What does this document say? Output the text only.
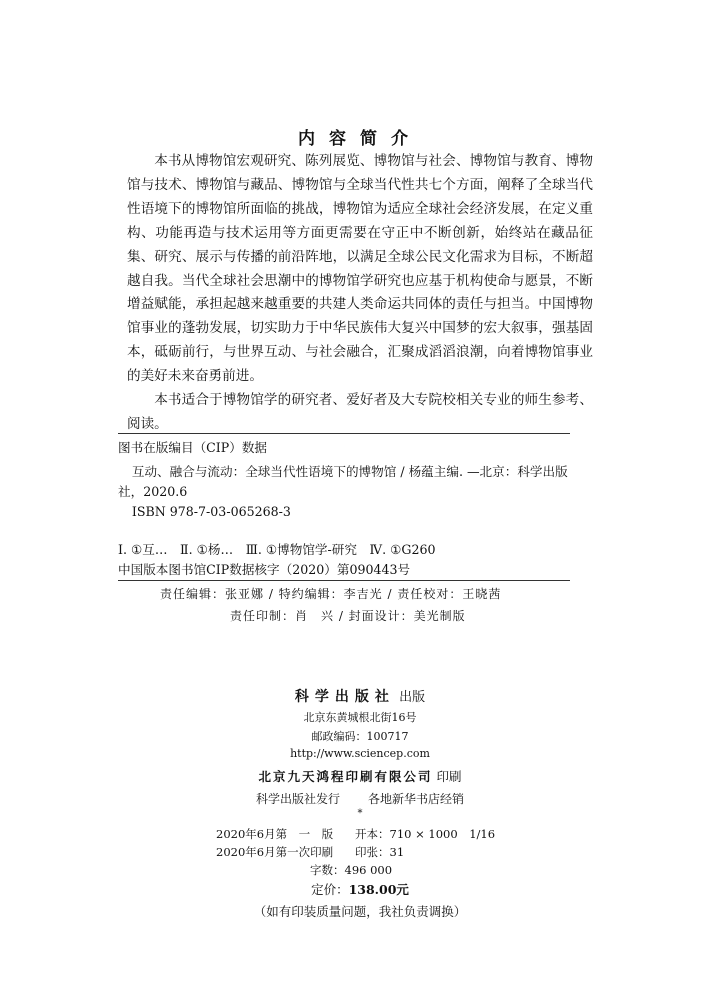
内容简介

本书从博物馆宏观研究、陈列展览、博物馆与社会、博物馆与教育、博物馆与技术、博物馆与藏品、博物馆与全球当代性共七个方面，阐释了全球当代性语境下的博物馆所面临的挑战，博物馆为适应全球社会经济发展，在定义重构、功能再造与技术运用等方面更需要在守正中不断创新，始终站在藏品征集、研究、展示与传播的前沿阵地，以满足全球公民文化需求为目标，不断超越自我。当代全球社会思潮中的博物馆学研究也应基于机构使命与愿景，不断增益赋能，承担起越来越重要的共建人类命运共同体的责任与担当。中国博物馆事业的蓬勃发展，切实助力于中华民族伟大复兴中国梦的宏大叙事，强基固本，砥砺前行，与世界互动、与社会融合，汇聚成滔滔浪潮，向着博物馆事业的美好未来奋勇前进。

本书适合于博物馆学的研究者、爱好者及大专院校相关专业的师生参考、阅读。

图书在版编目（CIP）数据

互动、融合与流动：全球当代性语境下的博物馆 / 杨蕴主编. —北京：科学出版社，2020.6

ISBN 978-7-03-065268-3

Ⅰ. ①互…　Ⅱ. ①杨…　Ⅲ. ①博物馆学-研究　Ⅳ. ①G260

中国版本图书馆CIP数据核字（2020）第090443号

责任编辑：张亚娜 / 特约编辑：李吉光 / 责任校对：王晓茜
责任印制：肖　兴 / 封面设计：美光制版
科学出版社 出版
北京东黄城根北街16号
邮政编码：100717
http://www.sciencep.com
北京九天鸿程印刷有限公司 印刷
科学出版社发行 各地新华书店经销
*
2020年6月第　一　版 开本：710 × 1000　1/16
2020年6月第一次印刷 印张：31
字数：496 000
定价：138.00元
（如有印装质量问题，我社负责调换）
